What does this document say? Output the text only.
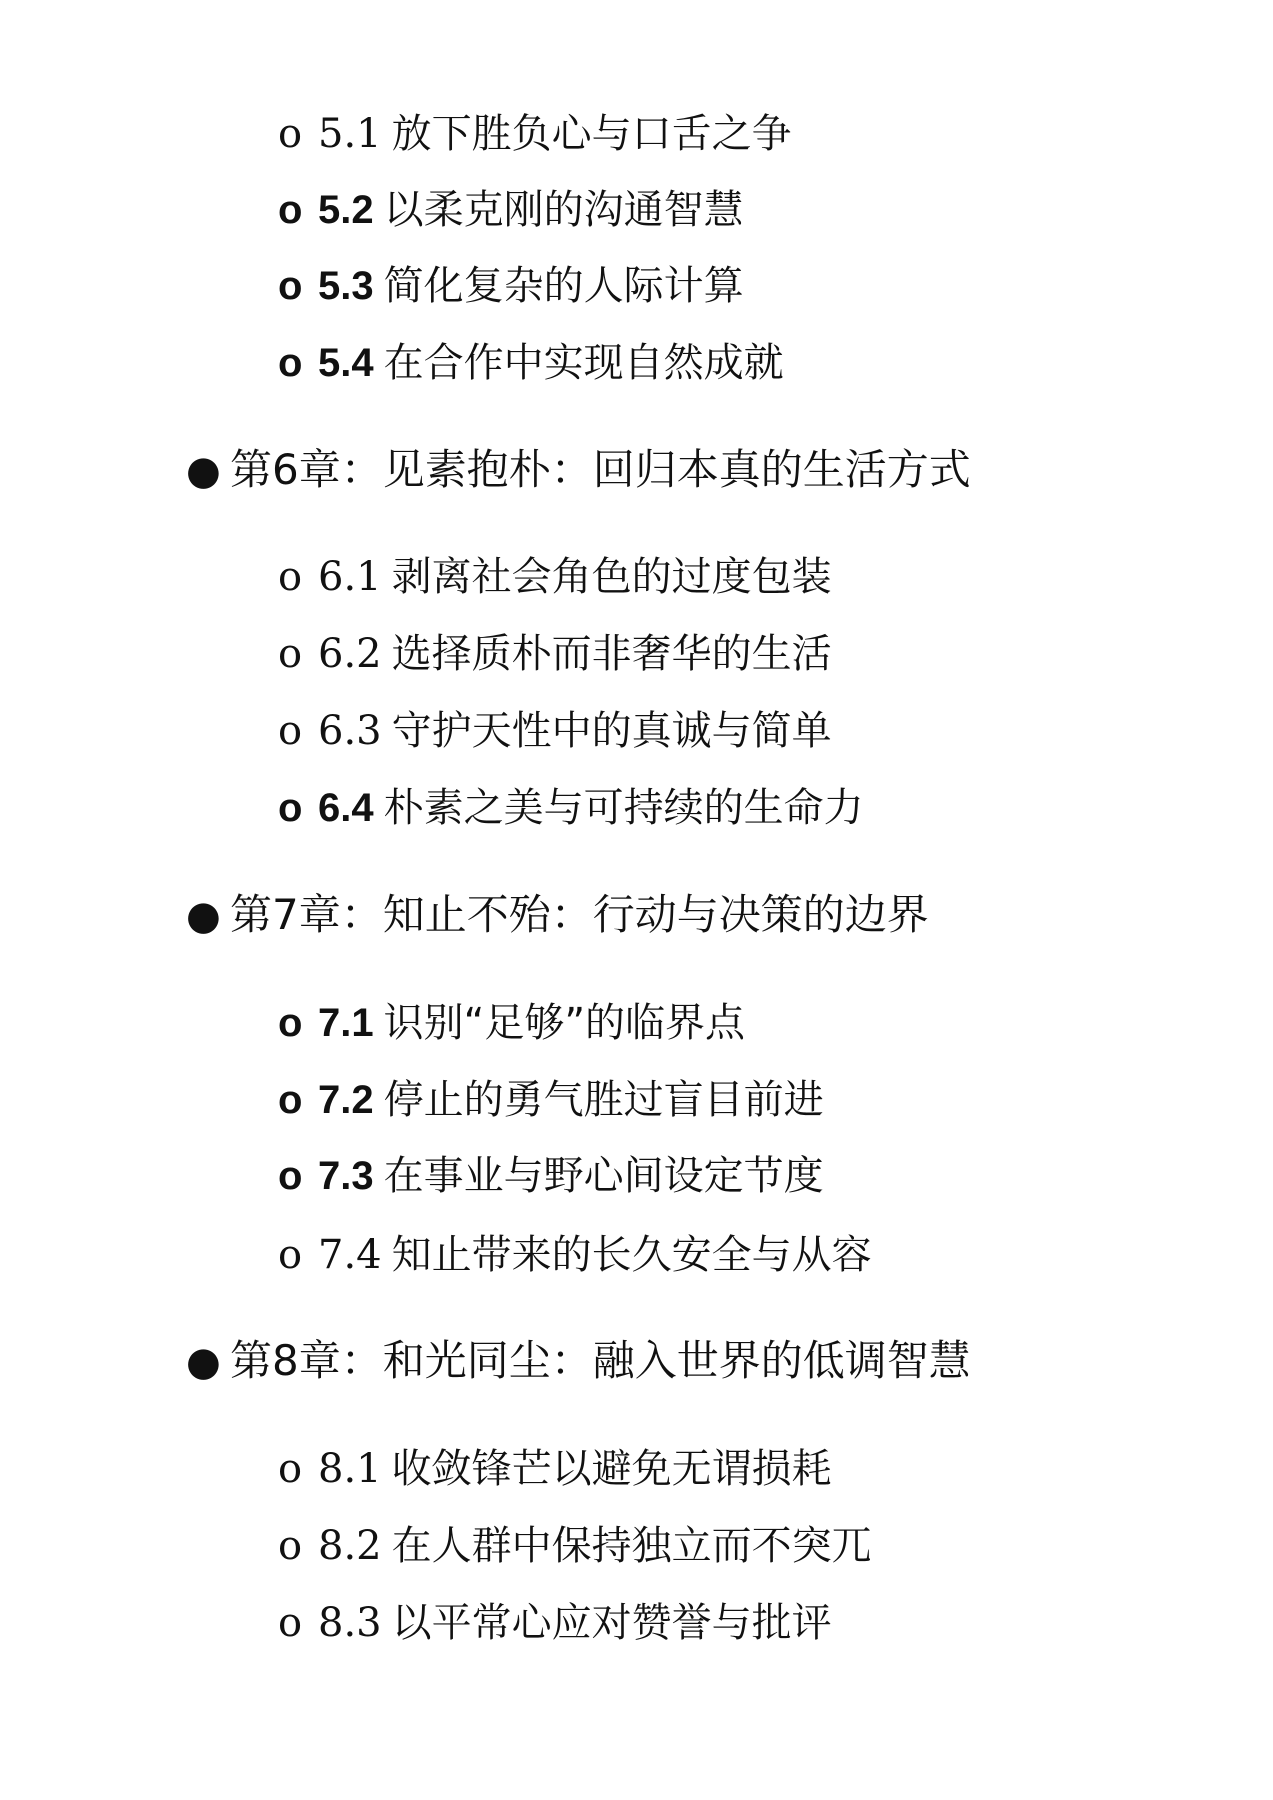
o 5.1 放下胜负心与口舌之争
o 5.2 以柔克刚的沟通智慧
o 5.3 简化复杂的人际计算
o 5.4 在合作中实现自然成就
● 第6章：见素抱朴：回归本真的生活方式
o 6.1 剥离社会角色的过度包装
o 6.2 选择质朴而非奢华的生活
o 6.3 守护天性中的真诚与简单
o 6.4 朴素之美与可持续的生命力
● 第7章：知止不殆：行动与决策的边界
o 7.1 识别“足够”的临界点
o 7.2 停止的勇气胜过盲目前进
o 7.3 在事业与野心间设定节度
o 7.4 知止带来的长久安全与从容
● 第8章：和光同尘：融入世界的低调智慧
o 8.1 收敛锋芒以避免无谓损耗
o 8.2 在人群中保持独立而不突兀
o 8.3 以平常心应对赞誉与批评
